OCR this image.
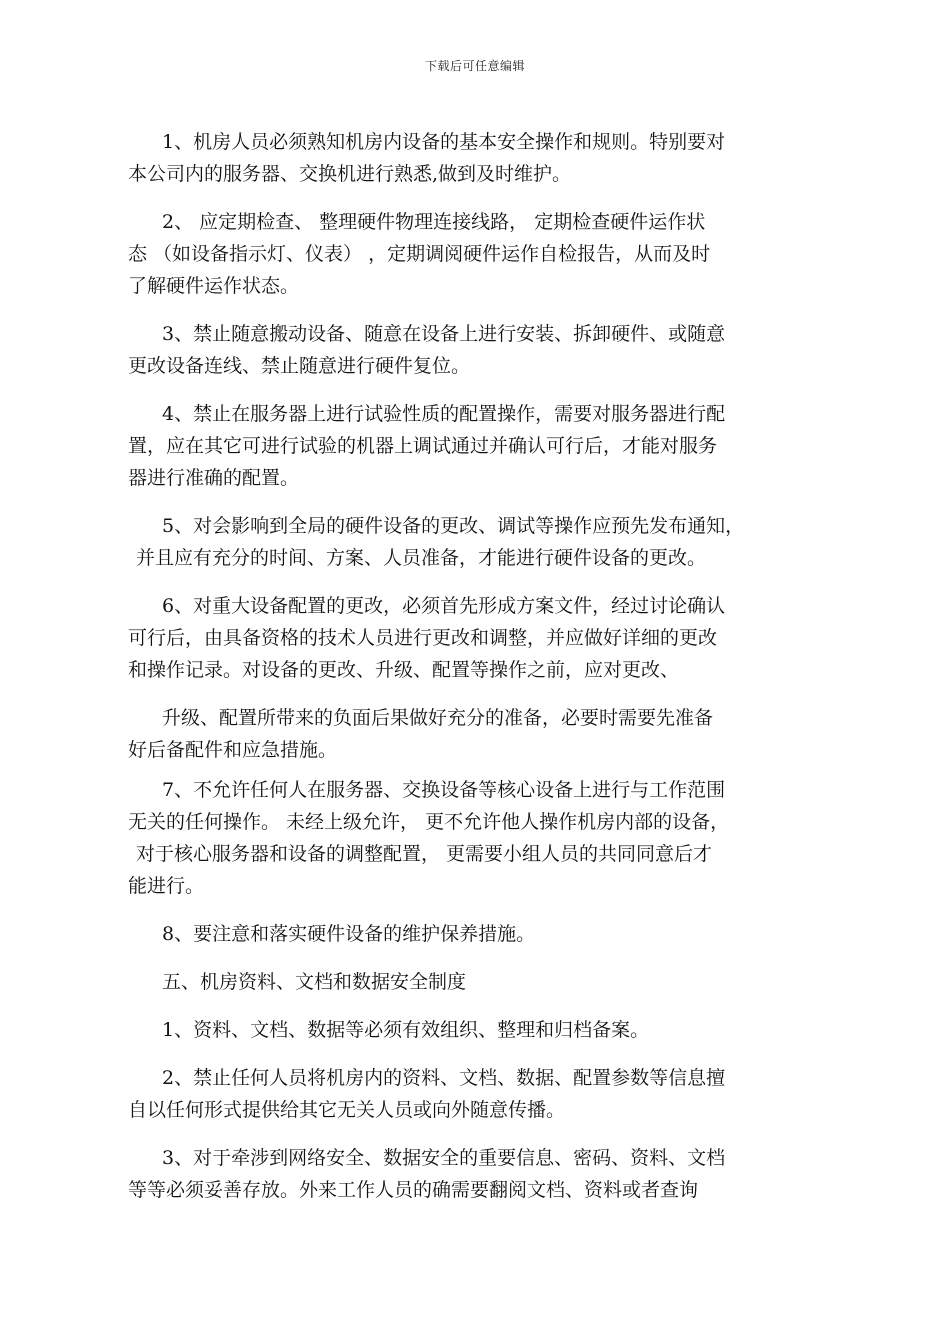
下载后可任意编辑
1、机房人员必须熟知机房内设备的基本安全操作和规则。特别要对
本公司内的服务器、交换机进行熟悉,做到及时维护。
2、 应定期检查、 整理硬件物理连接线路， 定期检查硬件运作状
态 （如设备指示灯、仪表） ，定期调阅硬件运作自检报告，从而及时
了解硬件运作状态。
3、禁止随意搬动设备、随意在设备上进行安装、拆卸硬件、或随意
更改设备连线、禁止随意进行硬件复位。
4、禁止在服务器上进行试验性质的配置操作，需要对服务器进行配
置，应在其它可进行试验的机器上调试通过并确认可行后，才能对服务
器进行准确的配置。
5、对会影响到全局的硬件设备的更改、调试等操作应预先发布通知，
并且应有充分的时间、方案、人员准备，才能进行硬件设备的更改。
6、对重大设备配置的更改，必须首先形成方案文件，经过讨论确认
可行后，由具备资格的技术人员进行更改和调整，并应做好详细的更改
和操作记录。对设备的更改、升级、配置等操作之前，应对更改、
升级、配置所带来的负面后果做好充分的准备，必要时需要先准备
好后备配件和应急措施。
7、不允许任何人在服务器、交换设备等核心设备上进行与工作范围
无关的任何操作。 未经上级允许， 更不允许他人操作机房内部的设备，
对于核心服务器和设备的调整配置， 更需要小组人员的共同同意后才
能进行。
8、要注意和落实硬件设备的维护保养措施。
五、机房资料、文档和数据安全制度
1、资料、文档、数据等必须有效组织、整理和归档备案。
2、禁止任何人员将机房内的资料、文档、数据、配置参数等信息擅
自以任何形式提供给其它无关人员或向外随意传播。
3、对于牵涉到网络安全、数据安全的重要信息、密码、资料、文档
等等必须妥善存放。外来工作人员的确需要翻阅文档、资料或者查询
